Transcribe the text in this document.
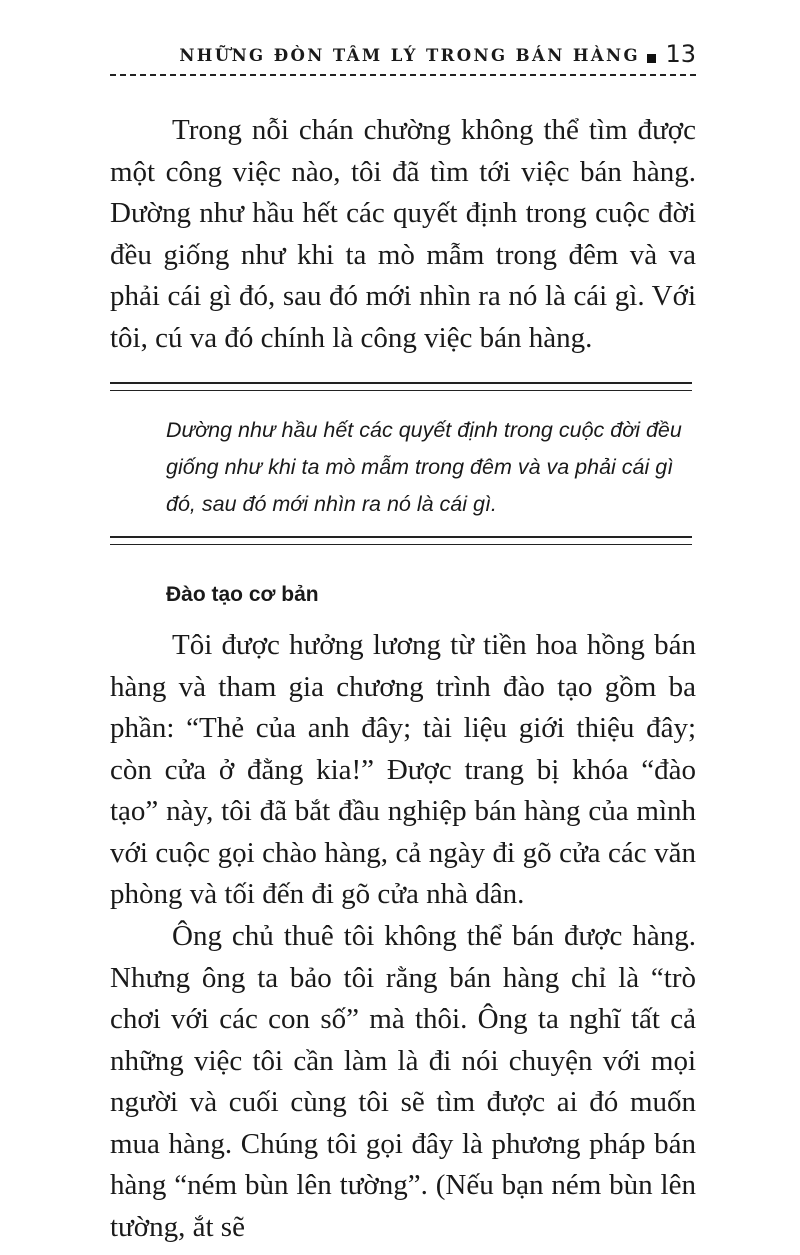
NHỮNG ĐÒN TÂM LÝ TRONG BÁN HÀNG 13

Trong nỗi chán chường không thể tìm được một công việc nào, tôi đã tìm tới việc bán hàng. Dường như hầu hết các quyết định trong cuộc đời đều giống như khi ta mò mẫm trong đêm và va phải cái gì đó, sau đó mới nhìn ra nó là cái gì. Với tôi, cú va đó chính là công việc bán hàng.

Dường như hầu hết các quyết định trong cuộc đời đều giống như khi ta mò mẫm trong đêm và va phải cái gì đó, sau đó mới nhìn ra nó là cái gì.

Đào tạo cơ bản

Tôi được hưởng lương từ tiền hoa hồng bán hàng và tham gia chương trình đào tạo gồm ba phần: “Thẻ của anh đây; tài liệu giới thiệu đây; còn cửa ở đằng kia!” Được trang bị khóa “đào tạo” này, tôi đã bắt đầu nghiệp bán hàng của mình với cuộc gọi chào hàng, cả ngày đi gõ cửa các văn phòng và tối đến đi gõ cửa nhà dân.

Ông chủ thuê tôi không thể bán được hàng. Nhưng ông ta bảo tôi rằng bán hàng chỉ là “trò chơi với các con số” mà thôi. Ông ta nghĩ tất cả những việc tôi cần làm là đi nói chuyện với mọi người và cuối cùng tôi sẽ tìm được ai đó muốn mua hàng. Chúng tôi gọi đây là phương pháp bán hàng “ném bùn lên tường”. (Nếu bạn ném bùn lên tường, ắt sẽ
